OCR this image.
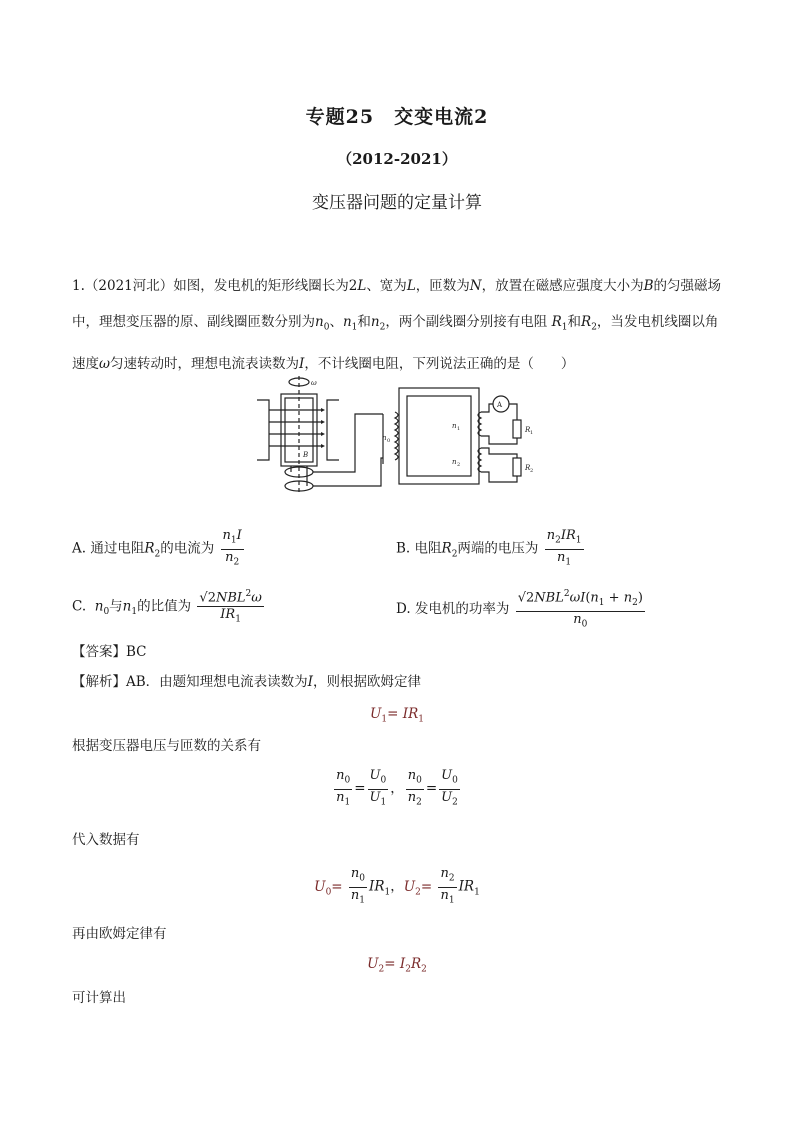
专题25　交变电流2
（2012-2021）
变压器问题的定量计算
1.（2021河北）如图，发电机的矩形线圈长为2L、宽为L，匝数为N，放置在磁感应强度大小为B的匀强磁场中，理想变压器的原、副线圈匝数分别为$n_0$、$n_1$和$n_2$，两个副线圈分别接有电阻 $R_1$和$R_2$，当发电机线圈以角速度ω匀速转动时，理想电流表读数为I，不计线圈电阻，下列说法正确的是（　　）
ω
B
n 0
n 1
n 2
A
R 1
R 2
A. 通过电阻$R_2$的电流为 $\frac{n_1I}{n_2}$	B. 电阻$R_2$两端的电压为 $\frac{n_2IR_1}{n_1}$
C. $n_0$与$n_1$的比值为 $\frac{√2NBL^2\omega}{IR_1}$	D. 发电机的功率为 $\frac{√2NBL^2\omega I(n_1 + n_2)}{n_0}$
【答案】BC
【解析】AB．由题知理想电流表读数为I，则根据欧姆定律
$U_1= IR_1$
根据变压器电压与匝数的关系有
$\frac{n_0}{n_1} = \frac{U_0}{U_1}$ ， $\frac{n_0}{n_2} = \frac{U_0}{U_2}$
代入数据有
$U_0= \frac{n_0}{n_1} IR_1$，$U_2= \frac{n_2}{n_1} IR_1$
再由欧姆定律有
$U_2= I_2R_2$
可计算出
